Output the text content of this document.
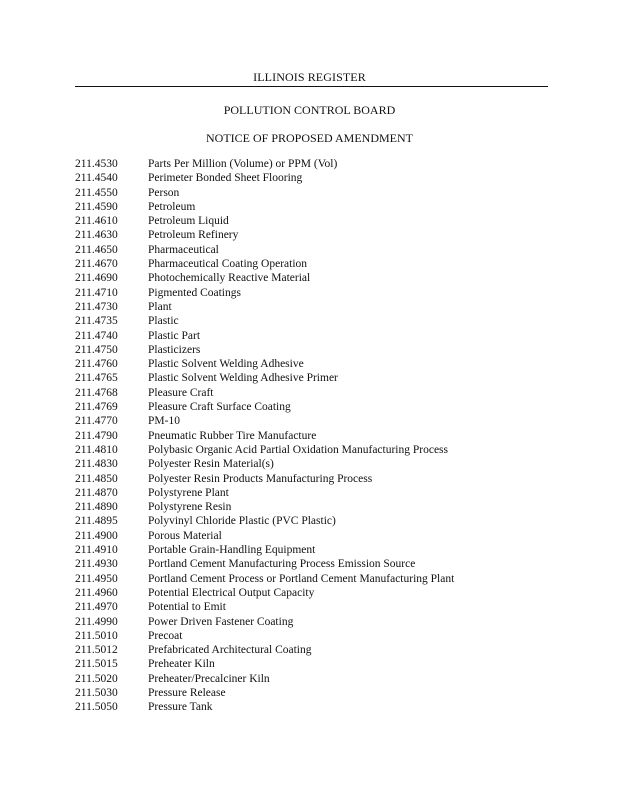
ILLINOIS REGISTER
POLLUTION CONTROL BOARD
NOTICE OF PROPOSED AMENDMENT
211.4530	Parts Per Million (Volume) or PPM (Vol)
211.4540	Perimeter Bonded Sheet Flooring
211.4550	Person
211.4590	Petroleum
211.4610	Petroleum Liquid
211.4630	Petroleum Refinery
211.4650	Pharmaceutical
211.4670	Pharmaceutical Coating Operation
211.4690	Photochemically Reactive Material
211.4710	Pigmented Coatings
211.4730	Plant
211.4735	Plastic
211.4740	Plastic Part
211.4750	Plasticizers
211.4760	Plastic Solvent Welding Adhesive
211.4765	Plastic Solvent Welding Adhesive Primer
211.4768	Pleasure Craft
211.4769	Pleasure Craft Surface Coating
211.4770	PM-10
211.4790	Pneumatic Rubber Tire Manufacture
211.4810	Polybasic Organic Acid Partial Oxidation Manufacturing Process
211.4830	Polyester Resin Material(s)
211.4850	Polyester Resin Products Manufacturing Process
211.4870	Polystyrene Plant
211.4890	Polystyrene Resin
211.4895	Polyvinyl Chloride Plastic (PVC Plastic)
211.4900	Porous Material
211.4910	Portable Grain-Handling Equipment
211.4930	Portland Cement Manufacturing Process Emission Source
211.4950	Portland Cement Process or Portland Cement Manufacturing Plant
211.4960	Potential Electrical Output Capacity
211.4970	Potential to Emit
211.4990	Power Driven Fastener Coating
211.5010	Precoat
211.5012	Prefabricated Architectural Coating
211.5015	Preheater Kiln
211.5020	Preheater/Precalciner Kiln
211.5030	Pressure Release
211.5050	Pressure Tank
